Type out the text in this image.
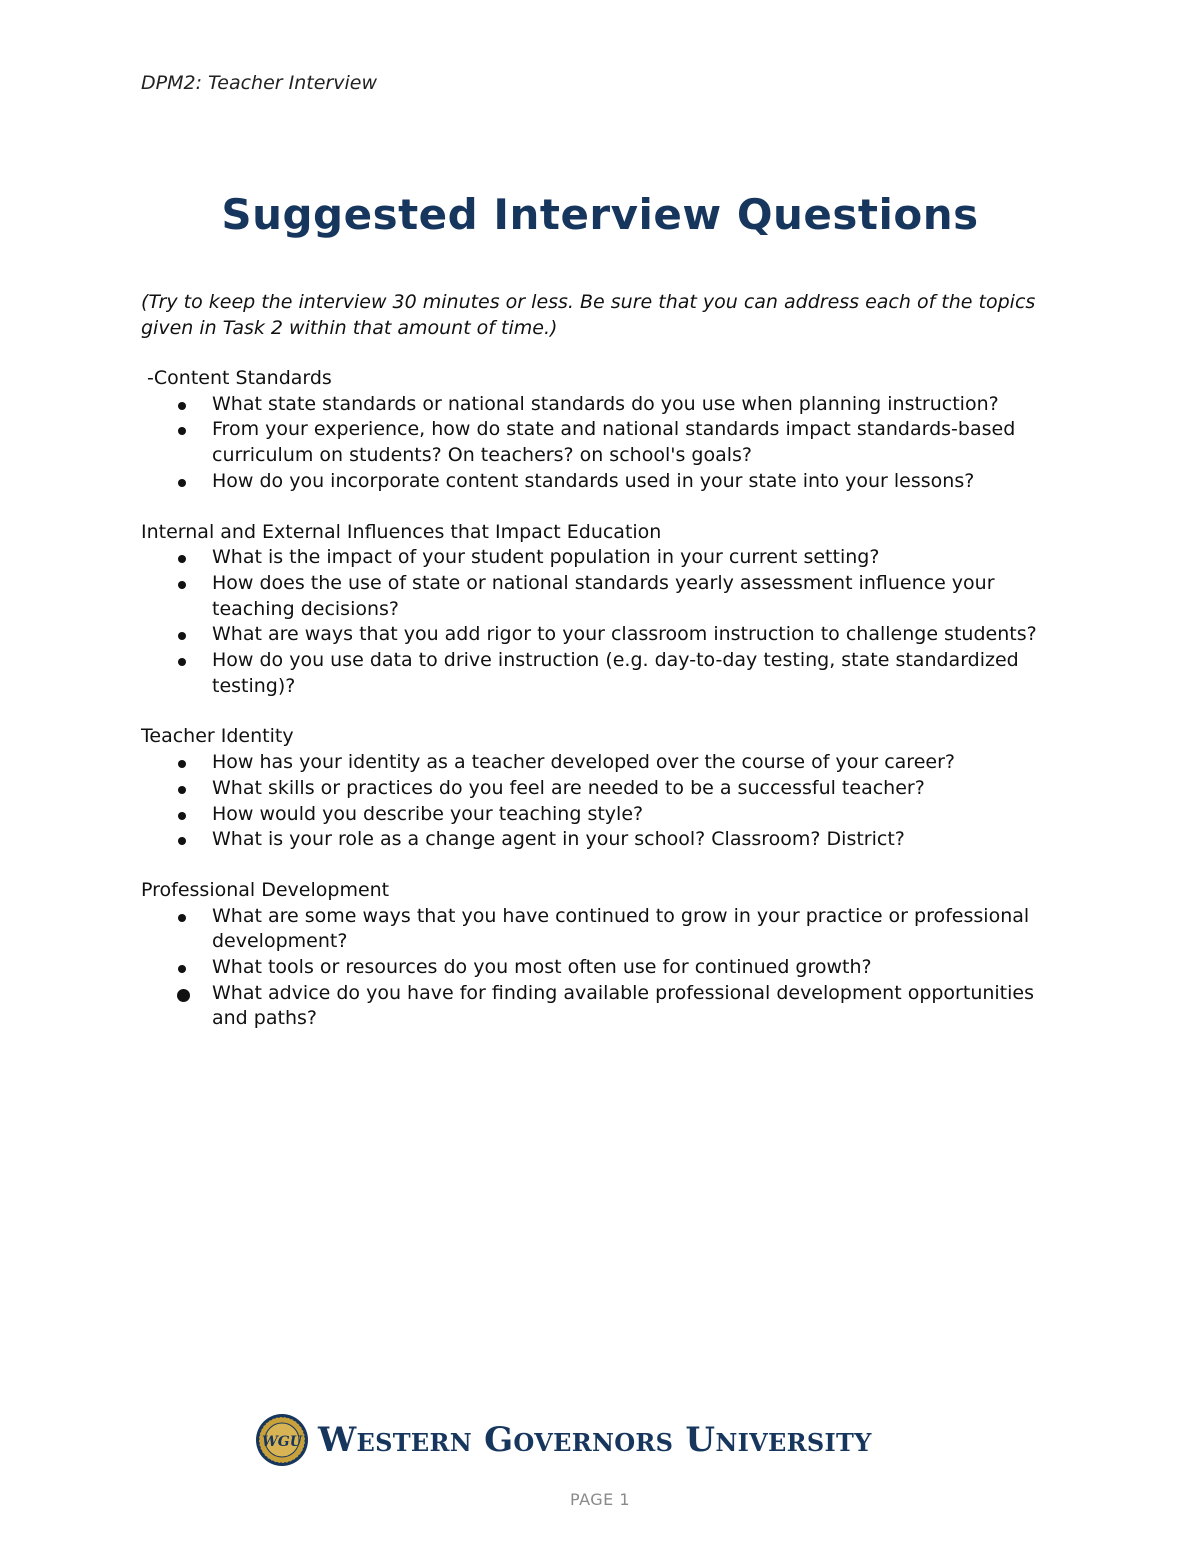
DPM2: Teacher Interview
Suggested Interview Questions
(Try to keep the interview 30 minutes or less. Be sure that you can address each of the topics given in Task 2 within that amount of time.)
-Content Standards
What state standards or national standards do you use when planning instruction?
From your experience, how do state and national standards impact standards-based curriculum on students? On teachers? on school's goals?
How do you incorporate content standards used in your state into your lessons?
Internal and External Influences that Impact Education
What is the impact of your student population in your current setting?
How does the use of state or national standards yearly assessment influence your teaching decisions?
What are ways that you add rigor to your classroom instruction to challenge students?
How do you use data to drive instruction (e.g. day-to-day testing, state standardized testing)?
Teacher Identity
How has your identity as a teacher developed over the course of your career?
What skills or practices do you feel are needed to be a successful teacher?
How would you describe your teaching style?
What is your role as a change agent in your school? Classroom? District?
Professional Development
What are some ways that you have continued to grow in your practice or professional development?
What tools or resources do you most often use for continued growth?
What advice do you have for finding available professional development opportunities and paths?
WGU Western Governors University
PAGE 1
